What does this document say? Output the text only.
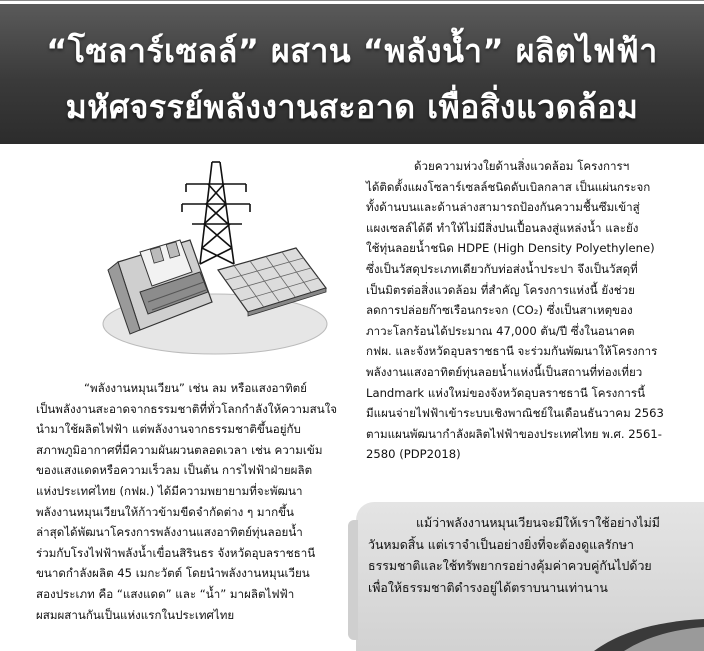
“โซลาร์เซลล์” ผสาน “พลังน้ำ” ผลิตไฟฟ้า
มหัศจรรย์พลังงานสะอาด เพื่อสิ่งแวดล้อม
ด้วยความห่วงใยด้านสิ่งแวดล้อม โครงการฯ
ได้ติดตั้งแผงโซลาร์เซลล์ชนิดดับเบิลกลาส เป็นแผ่นกระจก
ทั้งด้านบนและด้านล่างสามารถป้องกันความชื้นซึมเข้าสู่
แผงเซลล์ได้ดี ทำให้ไม่มีสิ่งปนเปื้อนลงสู่แหล่งน้ำ และยัง
ใช้ทุ่นลอยน้ำชนิด HDPE (High Density Polyethylene)
ซึ่งเป็นวัสดุประเภทเดียวกับท่อส่งน้ำประปา จึงเป็นวัสดุที่
เป็นมิตรต่อสิ่งแวดล้อม ที่สำคัญ โครงการแห่งนี้ ยังช่วย
ลดการปล่อยก๊าซเรือนกระจก (CO₂) ซึ่งเป็นสาเหตุของ
ภาวะโลกร้อนได้ประมาณ 47,000 ตัน/ปี ซึ่งในอนาคต
กฟผ. และจังหวัดอุบลราชธานี จะร่วมกันพัฒนาให้โครงการ
พลังงานแสงอาทิตย์ทุ่นลอยน้ำแห่งนี้เป็นสถานที่ท่องเที่ยว
Landmark แห่งใหม่ของจังหวัดอุบลราชธานี โครงการนี้
มีแผนจ่ายไฟฟ้าเข้าระบบเชิงพาณิชย์ในเดือนธันวาคม 2563
ตามแผนพัฒนากำลังผลิตไฟฟ้าของประเทศไทย พ.ศ. 2561-
2580 (PDP2018)
“พลังงานหมุนเวียน” เช่น ลม หรือแสงอาทิตย์
เป็นพลังงานสะอาดจากธรรมชาติที่ทั่วโลกกำลังให้ความสนใจ
นำมาใช้ผลิตไฟฟ้า แต่พลังงานจากธรรมชาติขึ้นอยู่กับ
สภาพภูมิอากาศที่มีความผันผวนตลอดเวลา เช่น ความเข้ม
ของแสงแดดหรือความเร็วลม เป็นต้น การไฟฟ้าฝ่ายผลิต
แห่งประเทศไทย (กฟผ.) ได้มีความพยายามที่จะพัฒนา
พลังงานหมุนเวียนให้ก้าวข้ามขีดจำกัดต่าง ๆ มากขึ้น
ล่าสุดได้พัฒนาโครงการพลังงานแสงอาทิตย์ทุ่นลอยน้ำ
ร่วมกับโรงไฟฟ้าพลังน้ำเขื่อนสิรินธร จังหวัดอุบลราชธานี
ขนาดกำลังผลิต 45 เมกะวัตต์ โดยนำพลังงานหมุนเวียน
สองประเภท คือ “แสงแดด” และ “น้ำ” มาผลิตไฟฟ้า
ผสมผสานกันเป็นแห่งแรกในประเทศไทย
แม้ว่าพลังงานหมุนเวียนจะมีให้เราใช้อย่างไม่มี
วันหมดสิ้น แต่เราจำเป็นอย่างยิ่งที่จะต้องดูแลรักษา
ธรรมชาติและใช้ทรัพยากรอย่างคุ้มค่าควบคู่กันไปด้วย
เพื่อให้ธรรมชาติดำรงอยู่ได้ตราบนานเท่านาน
